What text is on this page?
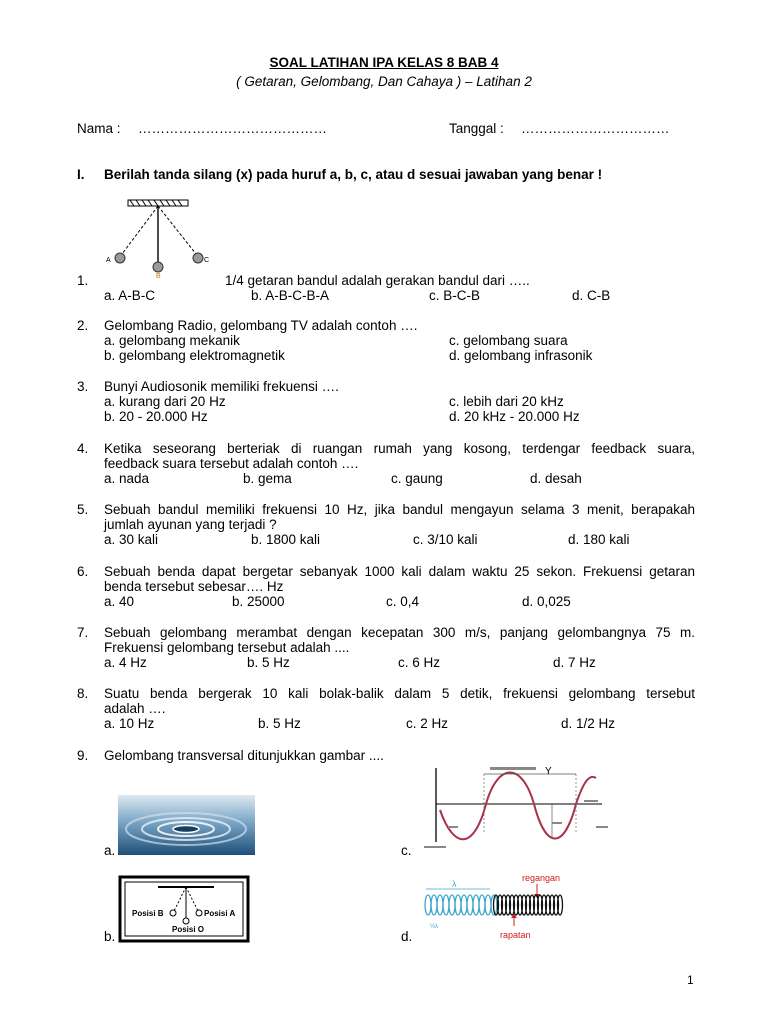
SOAL LATIHAN IPA KELAS 8 BAB 4
( Getaran, Gelombang, Dan Cahaya ) – Latihan 2
Nama : ……………………………………	Tanggal : ……………………………
I. Berilah tanda silang (x) pada huruf a, b, c, atau d sesuai jawaban yang benar !
A
B
C
1.	1/4 getaran bandul adalah gerakan bandul dari …..
a. A-B-C	b. A-B-C-B-A	c. B-C-B	d. C-B
2. Gelombang Radio, gelombang TV adalah contoh ….
a. gelombang mekanik
b. gelombang elektromagnetik
c. gelombang suara
d. gelombang infrasonik
3. Bunyi Audiosonik memiliki frekuensi ….
a. kurang dari 20 Hz
b. 20 - 20.000 Hz
c. lebih dari 20 kHz
d. 20 kHz - 20.000 Hz
4. Ketika seseorang berteriak di ruangan rumah yang kosong, terdengar feedback suara,
feedback suara tersebut adalah contoh ….
a. nada	b. gema	c. gaung	d. desah
5. Sebuah bandul memiliki frekuensi 10 Hz, jika bandul mengayun selama 3 menit, berapakah
jumlah ayunan yang terjadi ?
a. 30 kali	b. 1800 kali	c. 3/10 kali	d. 180 kali
6. Sebuah benda dapat bergetar sebanyak 1000 kali dalam waktu 25 sekon. Frekuensi getaran
benda tersebut sebesar…. Hz
a. 40	b. 25000	c. 0,4	d. 0,025
7. Sebuah gelombang merambat dengan kecepatan 300 m/s, panjang gelombangnya 75 m.
Frekuensi gelombang tersebut adalah ....
a. 4 Hz	b. 5 Hz	c. 6 Hz	d. 7 Hz
8. Suatu benda bergerak 10 kali bolak-balik dalam 5 detik, frekuensi gelombang tersebut
adalah ….
a. 10 Hz	b. 5 Hz	c. 2 Hz	d. 1/2 Hz
9. Gelombang transversal ditunjukkan gambar ....
a.
b.
Posisi B	Posisi A
Posisi O
c.
Y
d.
regangan
λ
rapatan
½λ
1
